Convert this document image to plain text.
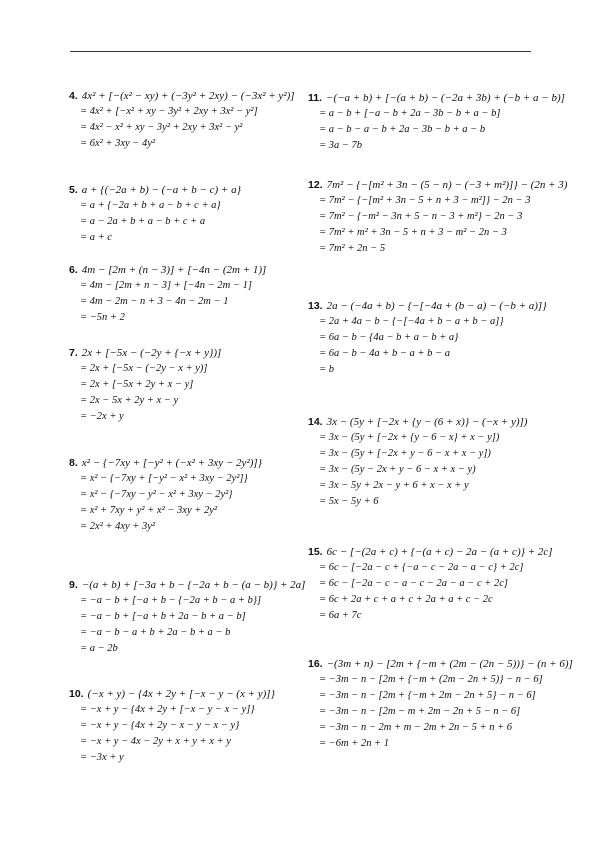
4. 4x² + [−(x² − xy) + (−3y² + 2xy) − (−3x² + y²)]
= 4x² + [−x² + xy − 3y² + 2xy + 3x² − y²]
= 4x² − x² + xy − 3y² + 2xy + 3x² − y²
= 6x² + 3xy − 4y²
5. a + {(−2a + b) − (−a + b − c) + a}
= a + {−2a + b + a − b + c + a}
= a − 2a + b + a − b + c + a
= a + c
6. 4m − [2m + (n − 3)] + [−4n − (2m + 1)]
= 4m − [2m + n − 3] + [−4n − 2m − 1]
= 4m − 2m − n + 3 − 4n − 2m − 1
= −5n + 2
7. 2x + [−5x − (−2y + {−x + y})]
= 2x + [−5x − (−2y − x + y)]
= 2x + [−5x + 2y + x − y]
= 2x − 5x + 2y + x − y
= −2x + y
8. x² − {−7xy + [−y² + (−x² + 3xy − 2y²)]}
= x² − {−7xy + [−y² − x² + 3xy − 2y²]}
= x² − {−7xy − y² − x² + 3xy − 2y²}
= x² + 7xy + y² + x² − 3xy + 2y²
= 2x² + 4xy + 3y²
9. −(a + b) + [−3a + b − {−2a + b − (a − b)} + 2a]
= −a − b + [−a + b − {−2a + b − a + b}]
= −a − b + [−a + b + 2a − b + a − b]
= −a − b − a + b + 2a − b + a − b
= a − 2b
10. (−x + y) − {4x + 2y + [−x − y − (x + y)]}
= −x + y − {4x + 2y + [−x − y − x − y]}
= −x + y − {4x + 2y − x − y − x − y}
= −x + y − 4x − 2y + x + y + x + y
= −3x + y
11. −(−a + b) + [−(a + b) − (−2a + 3b) + (−b + a − b)]
= a − b + [−a − b + 2a − 3b − b + a − b]
= a − b − a − b + 2a − 3b − b + a − b
= 3a − 7b
12. 7m² − {−[m² + 3n − (5 − n) − (−3 + m²)]} − (2n + 3)
= 7m² − {−[m² + 3n − 5 + n + 3 − m²]} − 2n − 3
= 7m² − {−m² − 3n + 5 − n − 3 + m²} − 2n − 3
= 7m² + m² + 3n − 5 + n + 3 − m² − 2n − 3
= 7m² + 2n − 5
13. 2a − (−4a + b) − {−[−4a + (b − a) − (−b + a)]}
= 2a + 4a − b − {−[−4a + b − a + b − a]}
= 6a − b − {4a − b + a − b + a}
= 6a − b − 4a + b − a + b − a
= b
14. 3x − (5y + [−2x + {y − (6 + x)} − (−x + y)])
= 3x − (5y + [−2x + {y − 6 − x} + x − y])
= 3x − (5y + [−2x + y − 6 − x + x − y])
= 3x − (5y − 2x + y − 6 − x + x − y)
= 3x − 5y + 2x − y + 6 + x − x + y
= 5x − 5y + 6
15. 6c − [−(2a + c) + {−(a + c) − 2a − (a + c)} + 2c]
= 6c − [−2a − c + {−a − c − 2a − a − c} + 2c]
= 6c − [−2a − c − a − c − 2a − a − c + 2c]
= 6c + 2a + c + a + c + 2a + a + c − 2c
= 6a + 7c
16. −(3m + n) − [2m + {−m + (2m − (2n − 5))} − (n + 6)]
= −3m − n − [2m + {−m + (2m − 2n + 5)} − n − 6]
= −3m − n − [2m + {−m + 2m − 2n + 5} − n − 6]
= −3m − n − [2m − m + 2m − 2n + 5 − n − 6]
= −3m − n − 2m + m − 2m + 2n − 5 + n + 6
= −6m + 2n + 1
